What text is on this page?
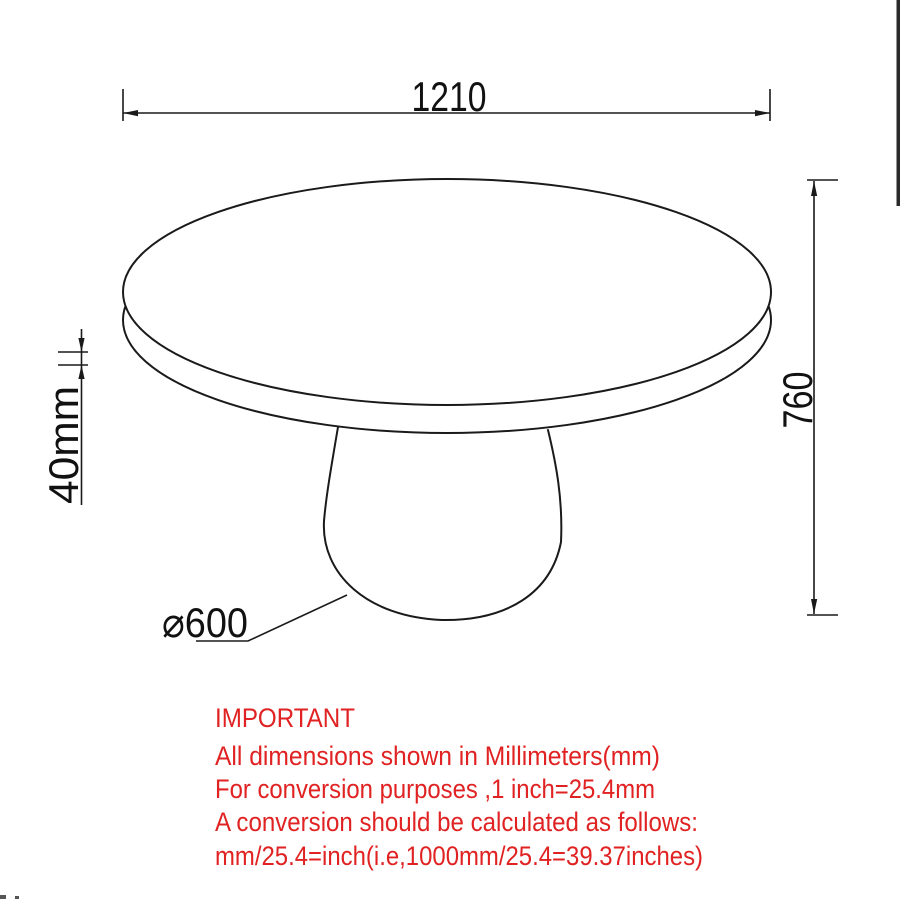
1210
760
40mm
⌀600
IMPORTANT
All dimensions shown in Millimeters(mm)
For conversion purposes ,1 inch=25.4mm
A conversion should be calculated as follows:
mm/25.4=inch(i.e,1000mm/25.4=39.37inches)
